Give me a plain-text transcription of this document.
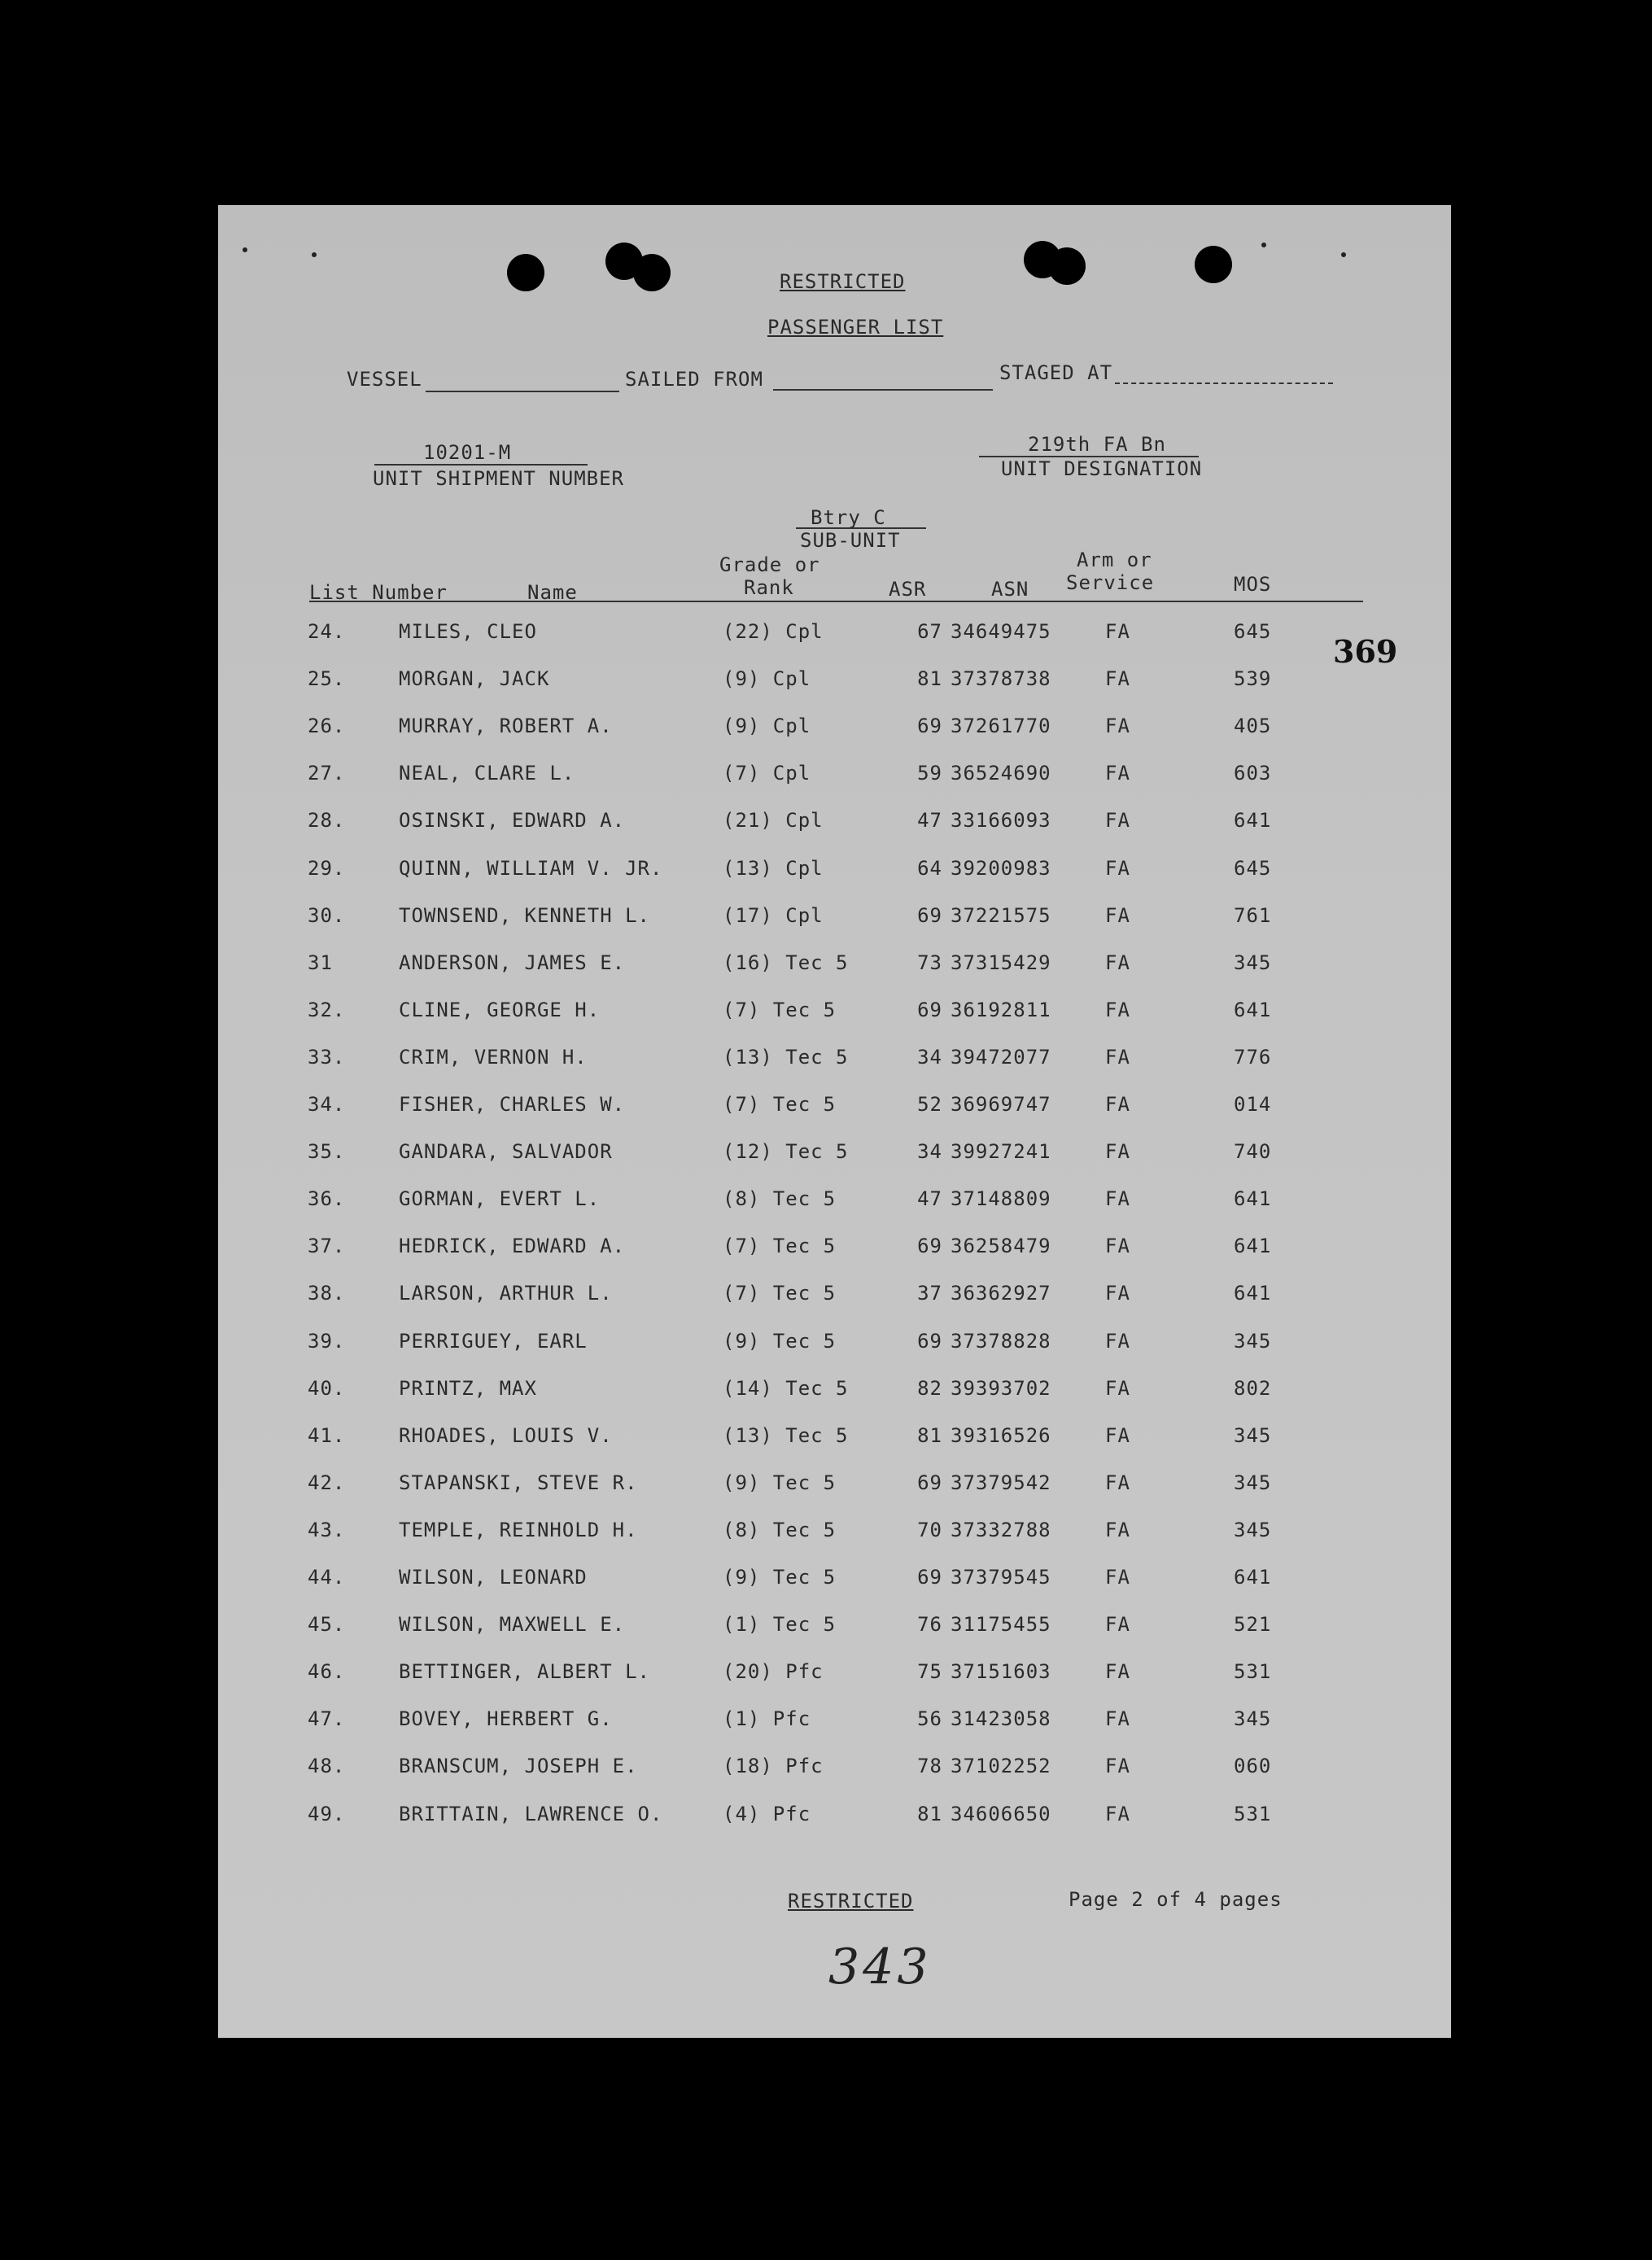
RESTRICTED
PASSENGER LIST
VESSEL	SAILED FROM	STAGED AT
10201-M
UNIT SHIPMENT NUMBER
219th FA Bn
UNIT DESIGNATION
Btry C
SUB-UNIT
List Number	Name
Grade or
Rank	ASR	ASN
Arm or
Service	MOS
24.	MILES, CLEO	(22) Cpl	67 34649475	FA	645
25.	MORGAN, JACK	(9) Cpl	81 37378738	FA	539
26.	MURRAY, ROBERT A.	(9) Cpl	69 37261770	FA	405
27.	NEAL, CLARE L.	(7) Cpl	59 36524690	FA	603
28.	OSINSKI, EDWARD A.	(21) Cpl	47 33166093	FA	641
29.	QUINN, WILLIAM V. JR.	(13) Cpl	64 39200983	FA	645
30.	TOWNSEND, KENNETH L.	(17) Cpl	69 37221575	FA	761
31	ANDERSON, JAMES E.	(16) Tec 5	73 37315429	FA	345
32.	CLINE, GEORGE H.	(7) Tec 5	69 36192811	FA	641
33.	CRIM, VERNON H.	(13) Tec 5	34 39472077	FA	776
34.	FISHER, CHARLES W.	(7) Tec 5	52 36969747	FA	014
35.	GANDARA, SALVADOR	(12) Tec 5	34 39927241	FA	740
36.	GORMAN, EVERT L.	(8) Tec 5	47 37148809	FA	641
37.	HEDRICK, EDWARD A.	(7) Tec 5	69 36258479	FA	641
38.	LARSON, ARTHUR L.	(7) Tec 5	37 36362927	FA	641
39.	PERRIGUEY, EARL	(9) Tec 5	69 37378828	FA	345
40.	PRINTZ, MAX	(14) Tec 5	82 39393702	FA	802
41.	RHOADES, LOUIS V.	(13) Tec 5	81 39316526	FA	345
42.	STAPANSKI, STEVE R.	(9) Tec 5	69 37379542	FA	345
43.	TEMPLE, REINHOLD H.	(8) Tec 5	70 37332788	FA	345
44.	WILSON, LEONARD	(9) Tec 5	69 37379545	FA	641
45.	WILSON, MAXWELL E.	(1) Tec 5	76 31175455	FA	521
46.	BETTINGER, ALBERT L.	(20) Pfc	75 37151603	FA	531
47.	BOVEY, HERBERT G.	(1) Pfc	56 31423058	FA	345
48.	BRANSCUM, JOSEPH E.	(18) Pfc	78 37102252	FA	060
49.	BRITTAIN, LAWRENCE O.	(4) Pfc	81 34606650	FA	531
369
RESTRICTED	Page 2 of 4 pages
343
